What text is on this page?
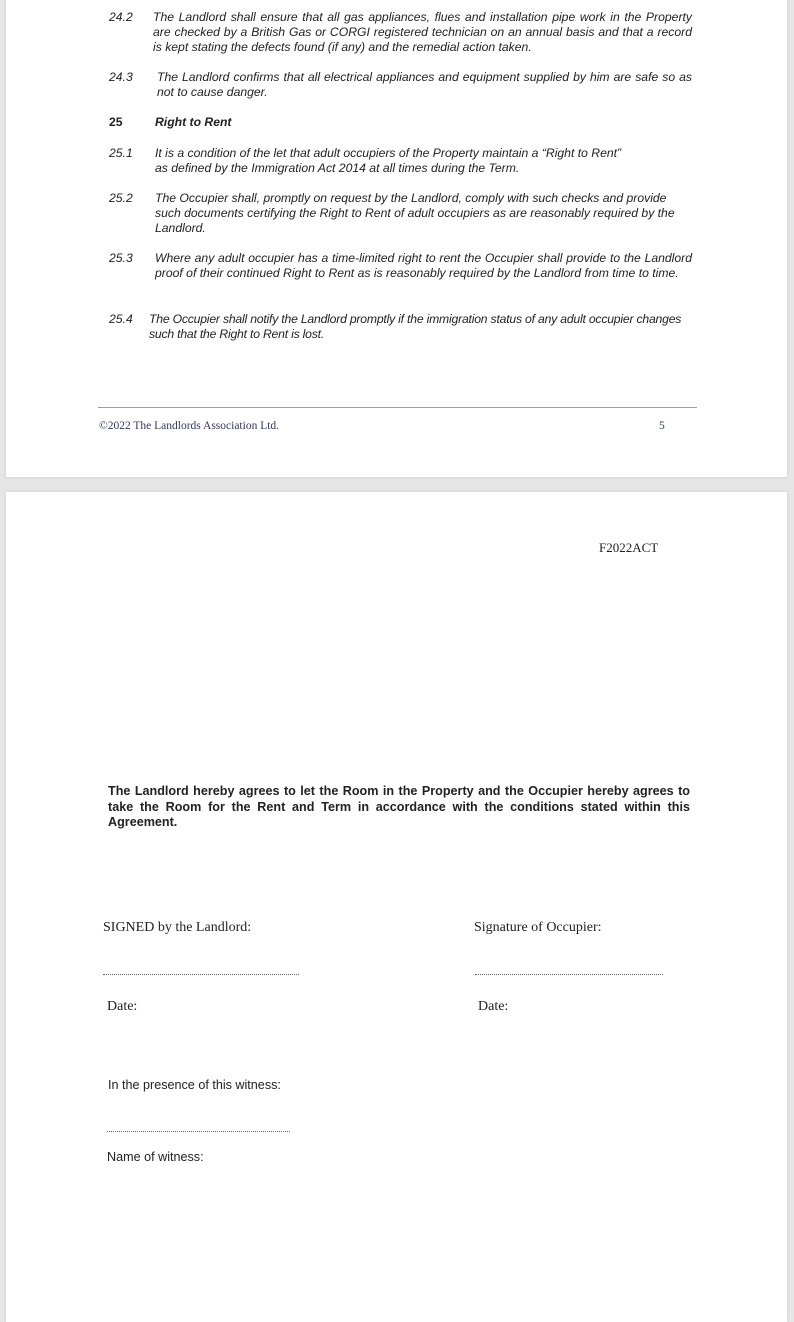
24.2 The Landlord shall ensure that all gas appliances, flues and installation pipe work in the Property are checked by a British Gas or CORGI registered technician on an annual basis and that a record is kept stating the defects found (if any) and the remedial action taken.
24.3 The Landlord confirms that all electrical appliances and equipment supplied by him are safe so as not to cause danger.
25	Right to Rent
25.1 It is a condition of the let that adult occupiers of the Property maintain a “Right to Rent” as defined by the Immigration Act 2014 at all times during the Term.
25.2 The Occupier shall, promptly on request by the Landlord, comply with such checks and provide such documents certifying the Right to Rent of adult occupiers as are reasonably required by the Landlord.
25.3 Where any adult occupier has a time-limited right to rent the Occupier shall provide to the Landlord proof of their continued Right to Rent as is reasonably required by the Landlord from time to time.
25.4 The Occupier shall notify the Landlord promptly if the immigration status of any adult occupier changes such that the Right to Rent is lost.
©2022 The Landlords Association Ltd.	5
F2022ACT
The Landlord hereby agrees to let the Room in the Property and the Occupier hereby agrees to take the Room for the Rent and Term in accordance with the conditions stated within this Agreement.
SIGNED by the Landlord:	Signature of Occupier:
Date:	Date:
In the presence of this witness:
Name of witness:
